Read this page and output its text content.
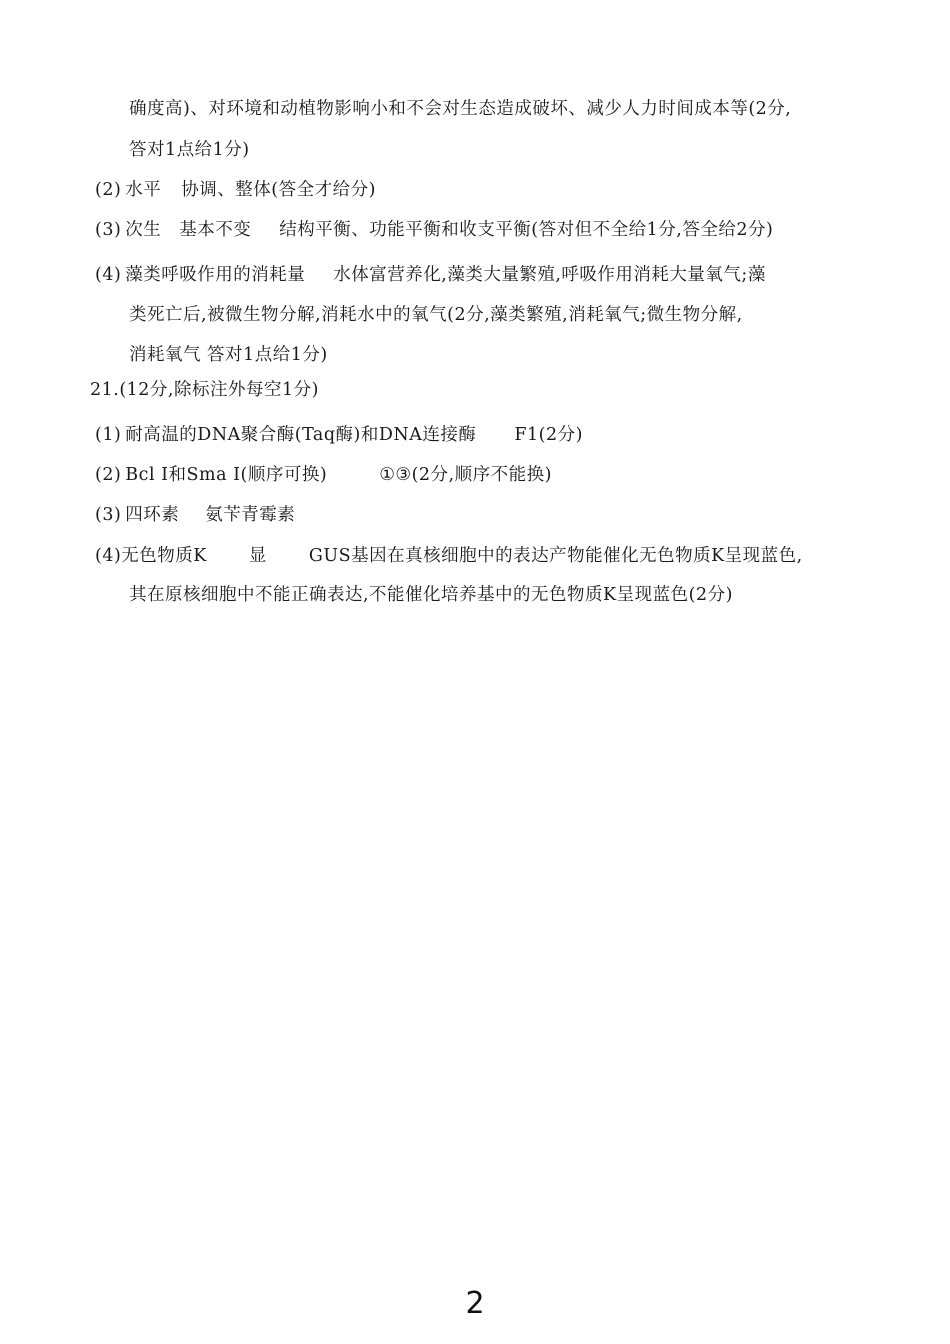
确度高)、对环境和动植物影响小和不会对生态造成破坏、减少人力时间成本等(2分,
答对1点给1分)
(2) 水平 协调、整体(答全才给分)
(3) 次生 基本不变 结构平衡、功能平衡和收支平衡(答对但不全给1分,答全给2分)
(4) 藻类呼吸作用的消耗量 水体富营养化,藻类大量繁殖,呼吸作用消耗大量氧气;藻
类死亡后,被微生物分解,消耗水中的氧气(2分,藻类繁殖,消耗氧气;微生物分解,
消耗氧气 答对1点给1分)
21.(12分,除标注外每空1分)
(1) 耐高温的DNA聚合酶(Taq酶)和DNA连接酶 F1(2分)
(2) Bcl I和Sma I(顺序可换)	①③(2分,顺序不能换)
(3) 四环素 氨苄青霉素
(4)无色物质K 显 GUS基因在真核细胞中的表达产物能催化无色物质K呈现蓝色,
其在原核细胞中不能正确表达,不能催化培养基中的无色物质K呈现蓝色(2分)
2
